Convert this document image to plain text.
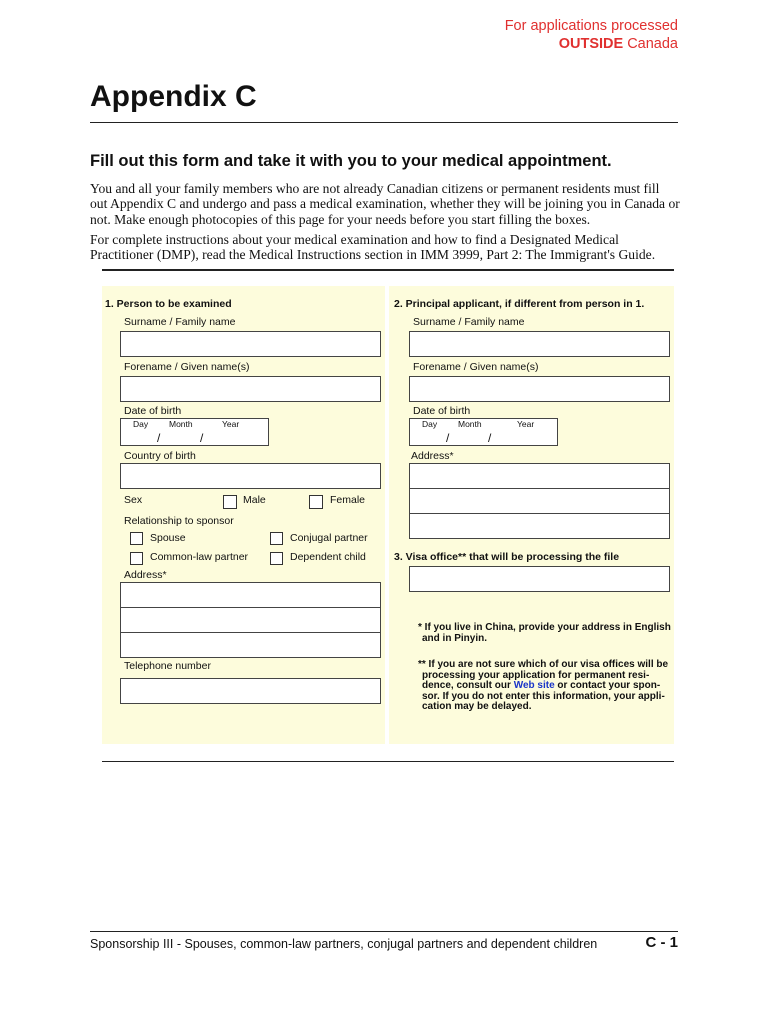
For applications processed
OUTSIDE Canada
Appendix C
Fill out this form and take it with you to your medical appointment.
You and all your family members who are not already Canadian citizens or permanent residents must fill out Appendix C and undergo and pass a medical examination, whether they will be joining you in Canada or not. Make enough photocopies of this page for your needs before you start filling the boxes.
For complete instructions about your medical examination and how to find a Designated Medical Practitioner (DMP), read the Medical Instructions section in IMM 3999, Part 2: The Immigrant's Guide.
1. Person to be examined
Surname / Family name
Forename / Given name(s)
Date of birth
Day Month	Year
/	/
Country of birth
Sex	Male	Female
Relationship to sponsor
Spouse	Conjugal partner
Common-law partner	Dependent child
Address*
Telephone number
2. Principal applicant, if different from person in 1.
Surname / Family name
Forename / Given name(s)
Date of birth
Day Month	Year
/	/
Address*
3. Visa office** that will be processing the file
* If you live in China, provide your address in English
and in Pinyin.
** If you are not sure which of our visa offices will be
processing your application for permanent resi-
dence, consult our Web site or contact your spon-
sor. If you do not enter this information, your appli-
cation may be delayed.
Sponsorship III - Spouses, common-law partners, conjugal partners and dependent children	C - 1
